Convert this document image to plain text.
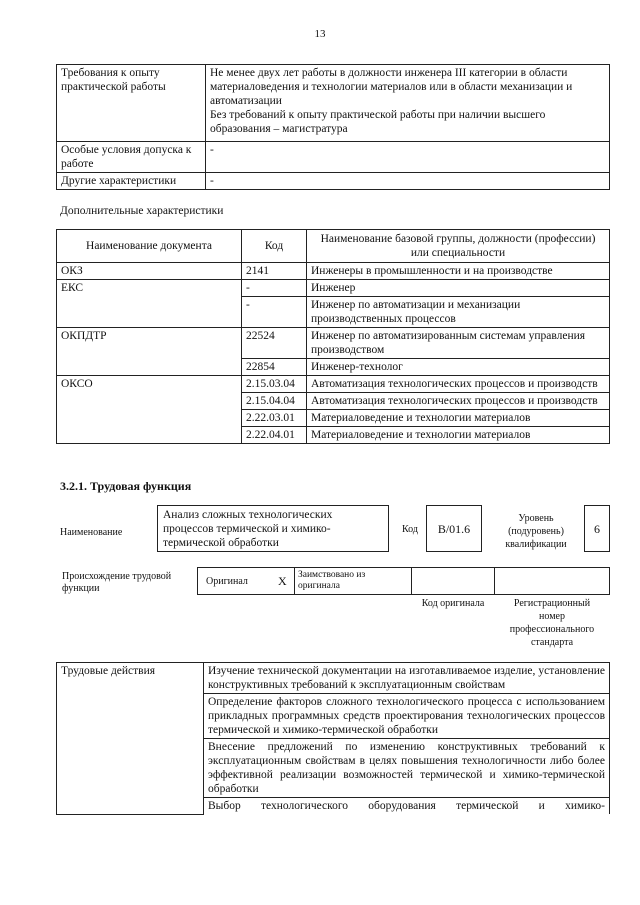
13
Требования к опыту практической работы	Не менее двух лет работы в должности инженера III категории в области материаловедения и технологии материалов или в области механизации и автоматизации
Без требований к опыту практической работы при наличии высшего образования – магистратура

Особые условия допуска к работе	-
Другие характеристики	-
Дополнительные характеристики
Наименование документа	Код	Наименование базовой группы, должности (профессии) или специальности
ОКЗ	2141	Инженеры в промышленности и на производстве
ЕКС	-	Инженер
	-	Инженер по автоматизации и механизации производственных процессов
ОКПДТР	22524	Инженер по автоматизированным системам управления производством
	22854	Инженер-технолог
ОКСО	2.15.03.04	Автоматизация технологических процессов и производств
	2.15.04.04	Автоматизация технологических процессов и производств
	2.22.03.01	Материаловедение и технологии материалов
	2.22.04.01	Материаловедение и технологии материалов
3.2.1. Трудовая функция
Наименование
Анализ сложных технологических процессов термической и химико-термической обработки
Код	B/01.6
Уровень (подуровень) квалификации
6
Происхождение трудовой функции
Оригинал	X	Заимствовано из оригинала
Код оригинала	Регистрационный номер профессионального стандарта
Трудовые действия	Изучение технической документации на изготавливаемое изделие, установление конструктивных требований к эксплуатационным свойствам
Определение факторов сложного технологического процесса с использованием прикладных программных средств проектирования технологических процессов термической и химико-термической обработки
Внесение предложений по изменению конструктивных требований к эксплуатационным свойствам в целях повышения технологичности либо более эффективной реализации возможностей термической и химико-термической обработки
Выбор технологического оборудования термической и химико-
